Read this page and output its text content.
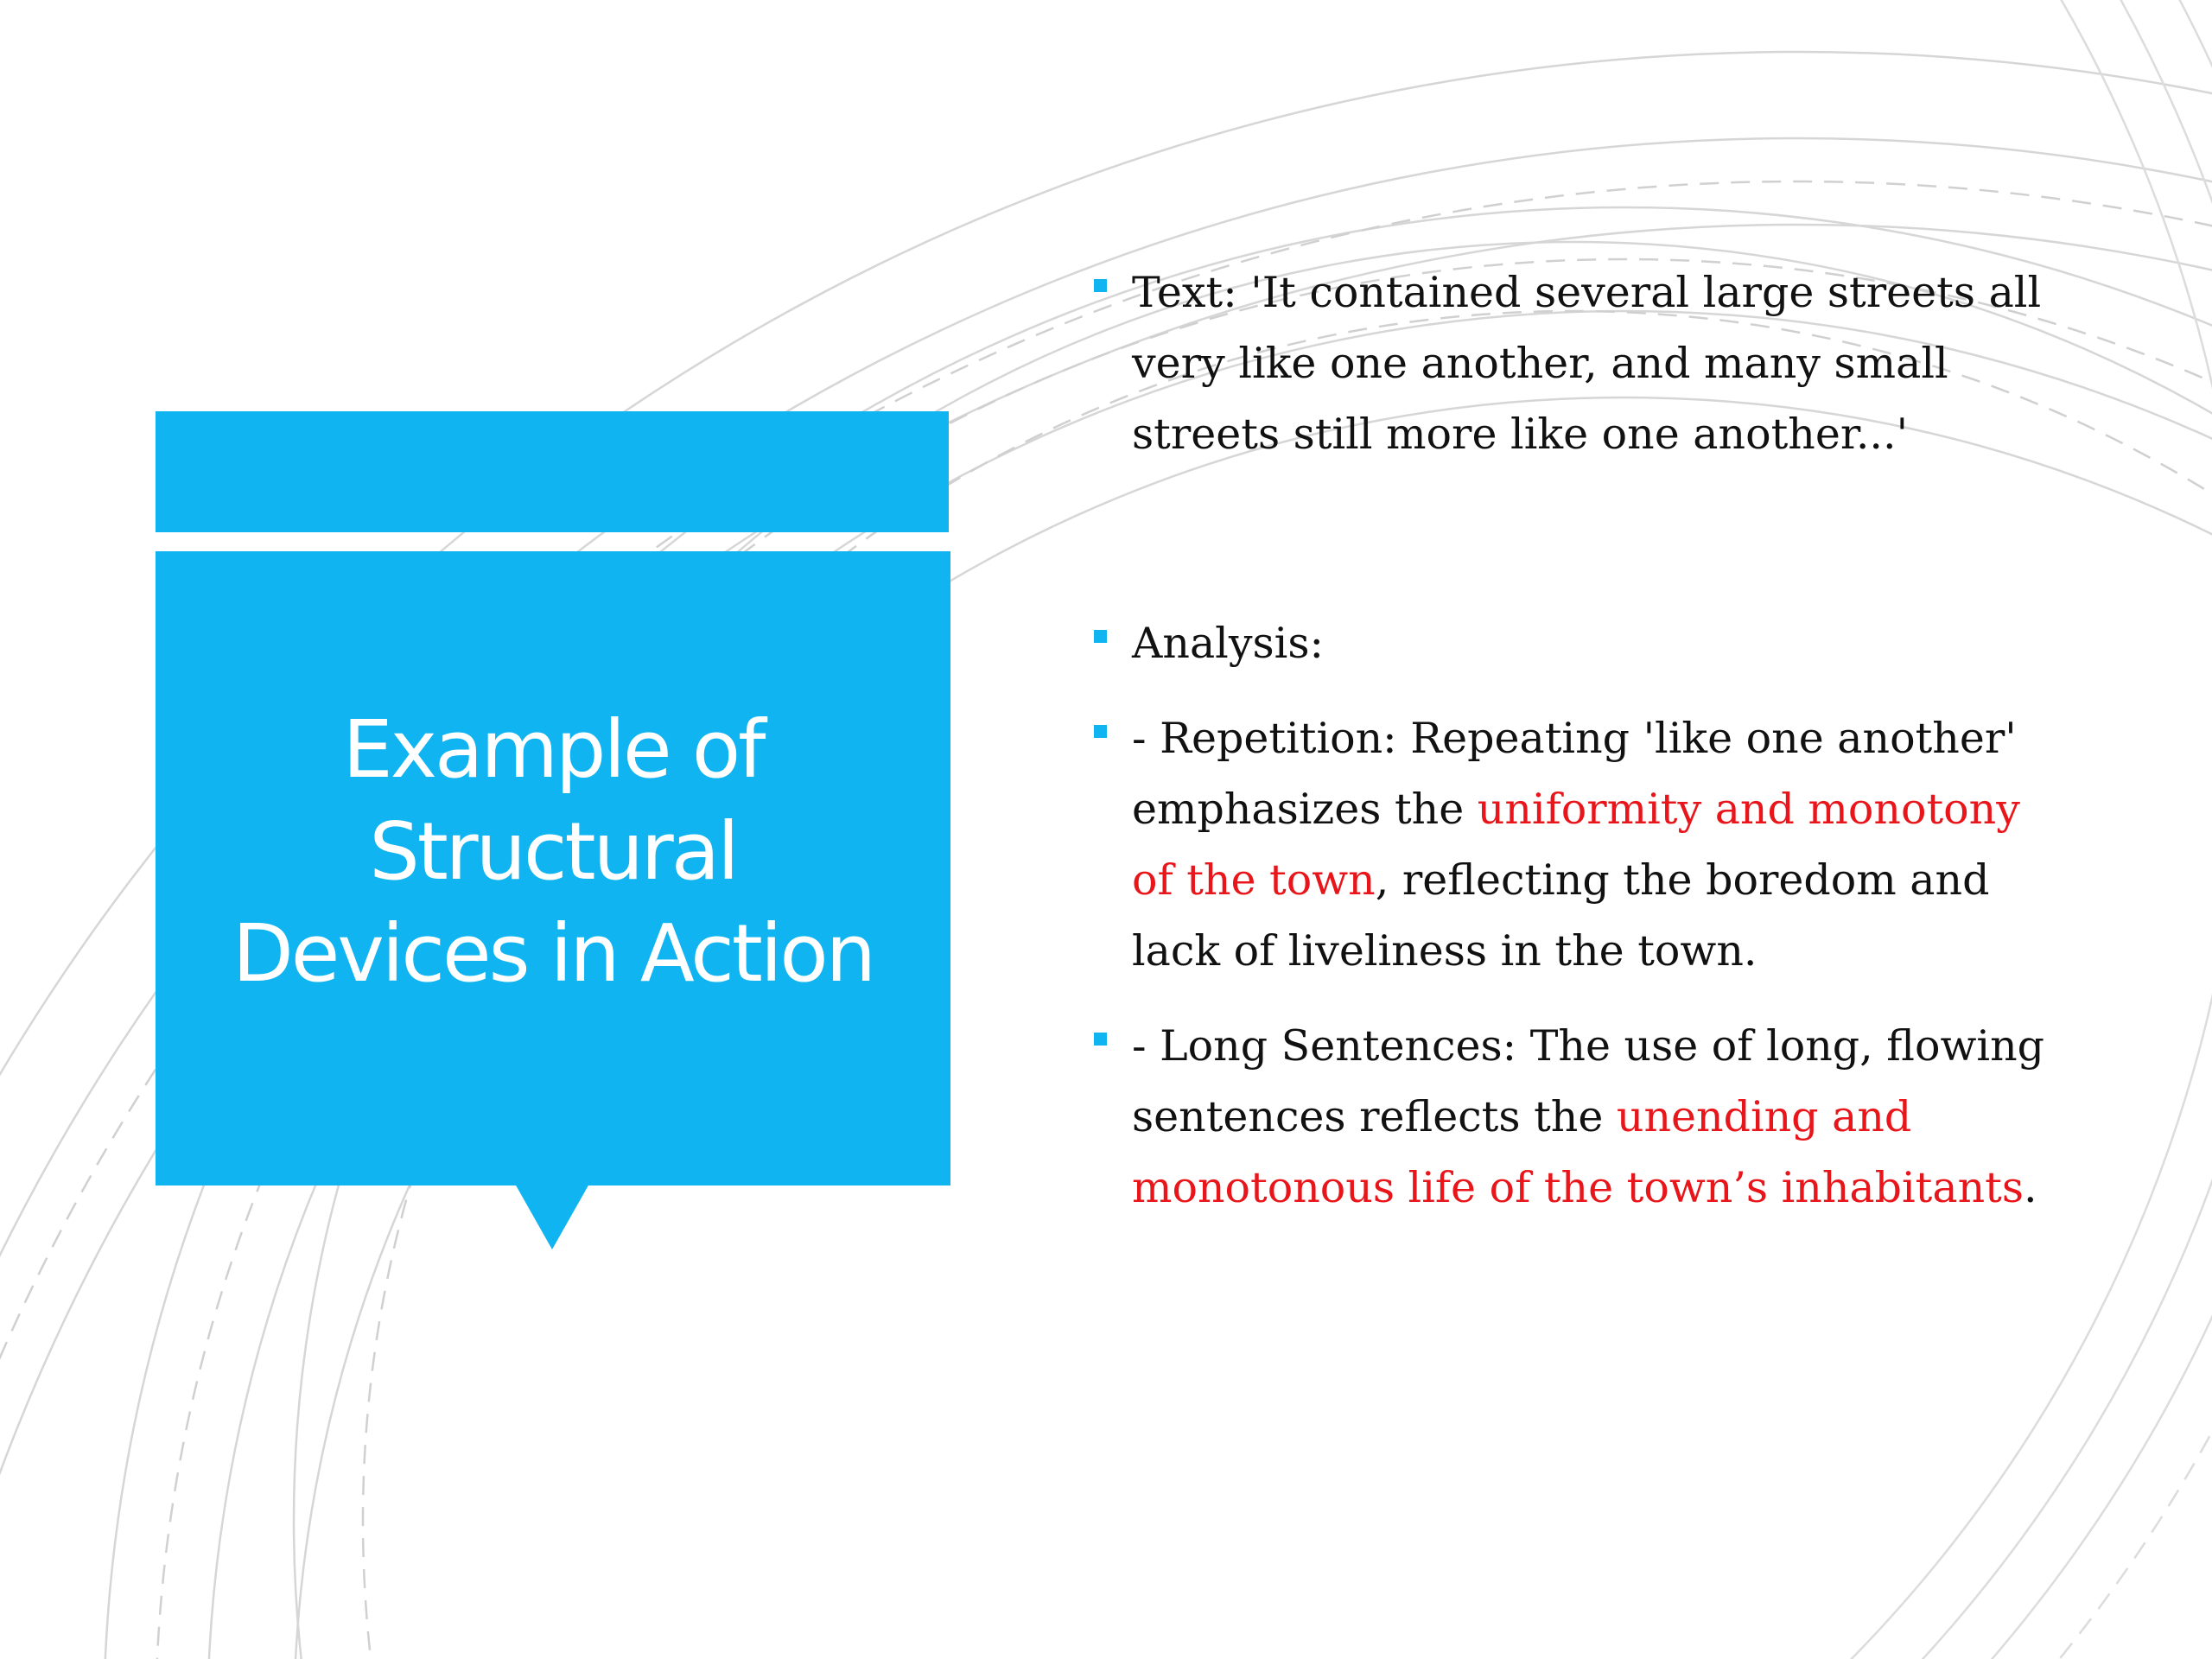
Example of
Structural
Devices in Action
Text: 'It contained several large streets all very like one another, and many small streets still more like one another...'
Analysis:
- Repetition: Repeating 'like one another' emphasizes the uniformity and monotony of the town, reflecting the boredom and lack of liveliness in the town.
- Long Sentences: The use of long, flowing sentences reflects the unending and monotonous life of the town’s inhabitants.
